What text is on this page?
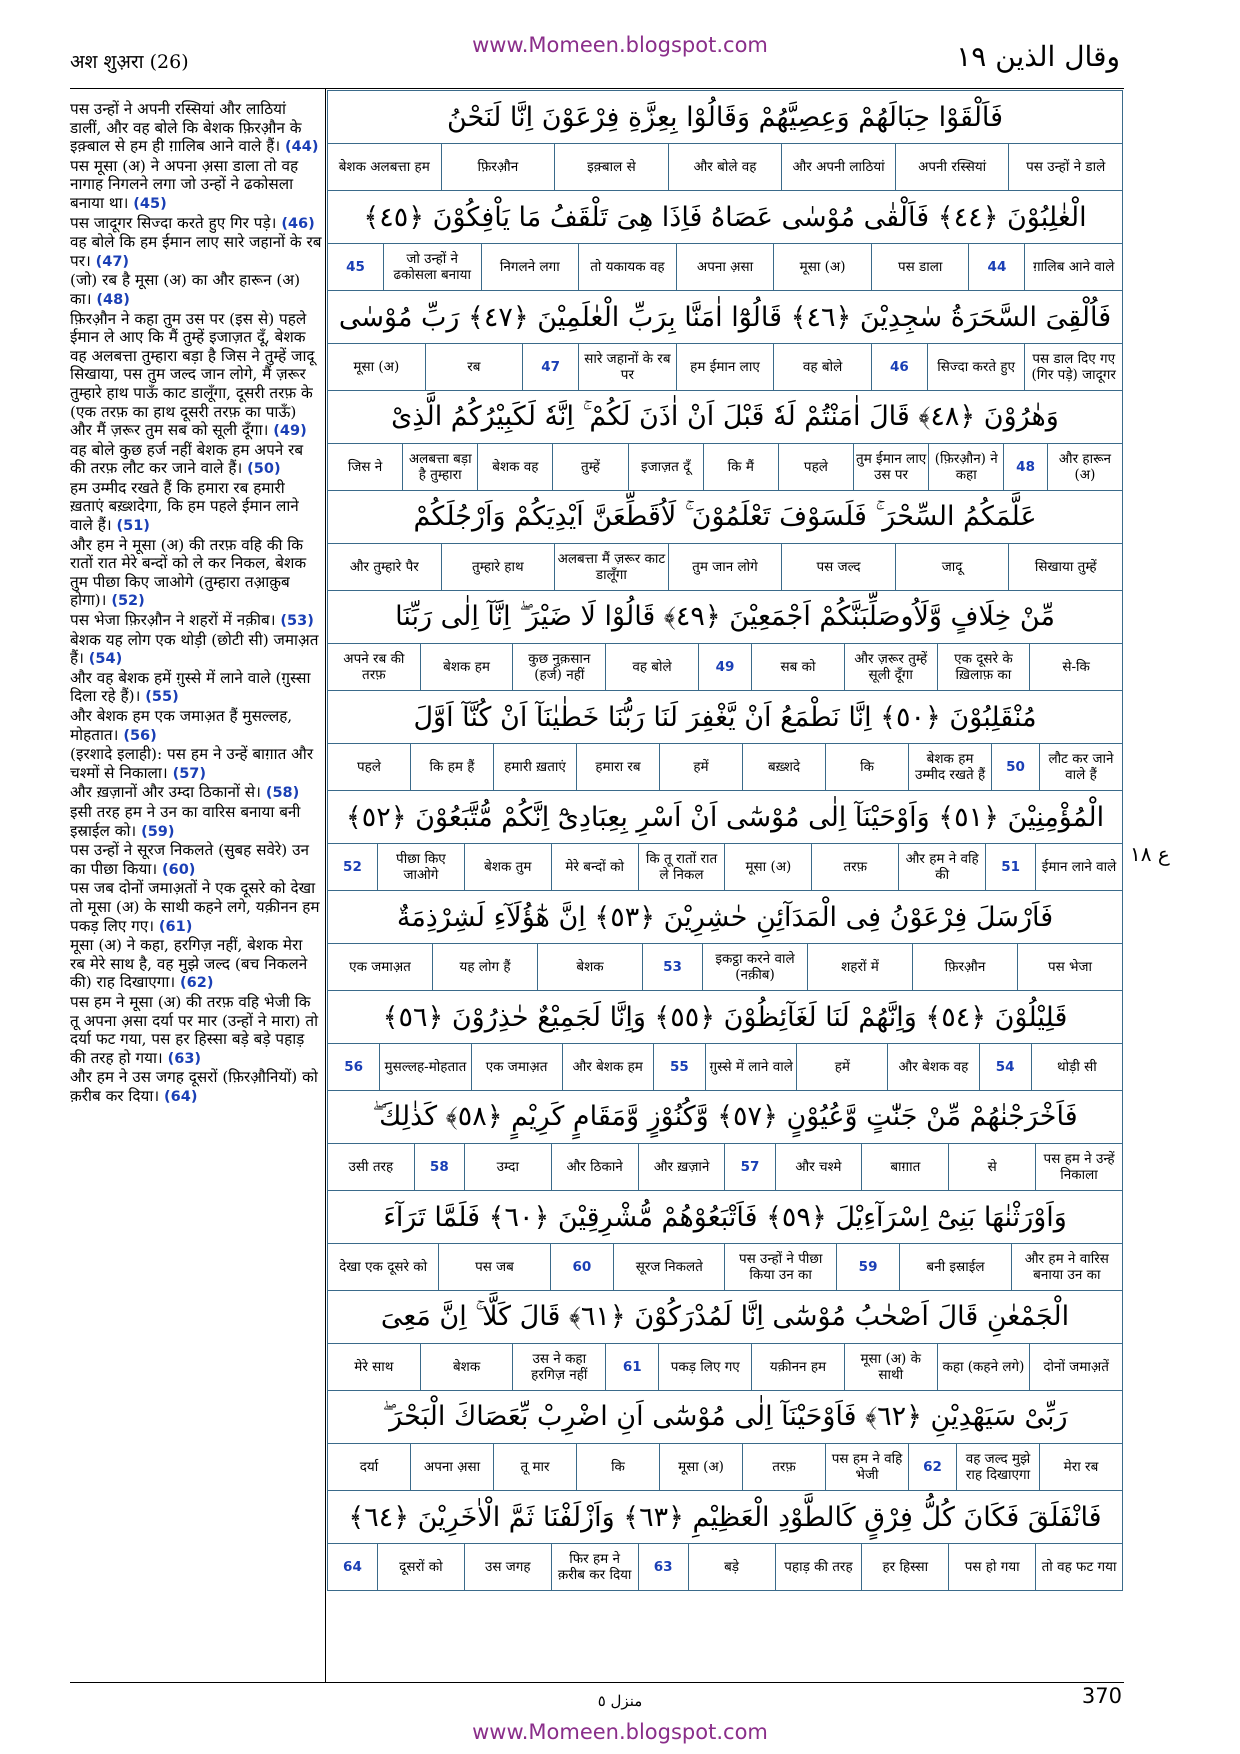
अश शुअ़रा (26)
www.Momeen.blogspot.com	وقال الذين ١٩

पस उन्हों ने अपनी रस्सियां और लाठियां डालीं, और वह बोले कि बेशक फ़िरऔ़न के इक़्बाल से हम ही ग़ालिब आने वाले हैं। (44)

पस मूसा (अ) ने अपना अ़सा डाला तो वह नागाह निगलने लगा जो उन्हों ने ढकोसला बनाया था। (45)

पस जादूगर सिज्दा करते हुए गिर पड़े। (46)

वह बोले कि हम ईमान लाए सारे जहानों के रब पर। (47)

(जो) रब है मूसा (अ) का और हारून (अ) का। (48)

फ़िरऔ़न ने कहा तुम उस पर (इस से) पहले ईमान ले आए कि मैं तुम्हें इजाज़त दूँ, बेशक वह अलबत्ता तुम्हारा बड़ा है जिस ने तुम्हें जादू सिखाया, पस तुम जल्द जान लोगे, मैं ज़रूर तुम्हारे हाथ पाऊँ काट डालूँगा, दूसरी तरफ़ के (एक तरफ़ का हाथ दूसरी तरफ़ का पाऊँ) और मैं ज़रूर तुम सब को सूली दूँगा। (49)

वह बोले कुछ हर्ज नहीं बेशक हम अपने रब की तरफ़ लौट कर जाने वाले हैं। (50)

हम उम्मीद रखते हैं कि हमारा रब हमारी ख़ताएं बख़्शदेगा, कि हम पहले ईमान लाने वाले हैं। (51)

और हम ने मूसा (अ) की तरफ़ वहि की कि रातों रात मेरे बन्दों को ले कर निकल, बेशक तुम पीछा किए जाओगे (तुम्हारा तआ़क़ुब होगा)। (52)

पस भेजा फ़िरऔ़न ने शहरों में नक़ीब। (53)

बेशक यह लोग एक थोड़ी (छोटी सी) जमाअ़त हैं। (54)

और वह बेशक हमें ग़ुस्से में लाने वाले (ग़ुस्सा दिला रहे हैं)। (55)

और बेशक हम एक जमाअ़त हैं मुसल्लह, मोहतात। (56)

(इरशादे इलाही): पस हम ने उन्हें बाग़ात और चश्मों से निकाला। (57)

और ख़ज़ानों और उम्दा ठिकानों से। (58)

इसी तरह हम ने उन का वारिस बनाया बनी इस्राईल को। (59)

पस उन्हों ने सूरज निकलते (सुबह सवेरे) उन का पीछा किया। (60)

पस जब दोनों जमाअ़तों ने एक दूसरे को देखा तो मूसा (अ) के साथी कहने लगे, यक़ीनन हम पकड़ लिए गए। (61)

मूसा (अ) ने कहा, हरगिज़ नहीं, बेशक मेरा रब मेरे साथ है, वह मुझे जल्द (बच निकलने की) राह दिखाएगा। (62)

पस हम ने मूसा (अ) की तरफ़ वहि भेजी कि तू अपना अ़सा दर्या पर मार (उन्हों ने मारा) तो दर्या फट गया, पस हर हिस्सा बड़े बड़े पहाड़ की तरह हो गया। (63)

और हम ने उस जगह दूसरों (फ़िरऔ़नियों) को क़रीब कर दिया। (64)

فَاَلْقَوْا حِبَالَهُمْ وَعِصِيَّهُمْ وَقَالُوْا بِعِزَّةِ فِرْعَوْنَ اِنَّا لَنَحْنُ
पस उन्हों ने डाले
अपनी रस्सियां
और अपनी लाठियां
और बोले वह
इक़्बाल से
फ़िरऔ़न
बेशक अलबत्ता हम
الْغٰلِبُوْنَ ﴿٤٤﴾ فَاَلْقٰى مُوْسٰى عَصَاهُ فَاِذَا هِىَ تَلْقَفُ مَا يَاْفِكُوْنَ ﴿٤٥﴾
ग़ालिब आने वाले
44
पस डाला
मूसा (अ)
अपना अ़सा
तो यकायक वह
निगलने लगा
जो उन्हों ने ढकोसला बनाया
45
فَاُلْقِىَ السَّحَرَةُ سٰجِدِيْنَ ﴿٤٦﴾ قَالُوْٓا اٰمَنَّا بِرَبِّ الْعٰلَمِيْنَ ﴿٤٧﴾ رَبِّ مُوْسٰى
पस डाल दिए गए (गिर पड़े) जादूगर
सिज्दा करते हुए
46
वह बोले
हम ईमान लाए
सारे जहानों के रब पर
47
रब
मूसा (अ)
وَهٰرُوْنَ ﴿٤٨﴾ قَالَ اٰمَنْتُمْ لَهٗ قَبْلَ اَنْ اٰذَنَ لَكُمْ ۚ اِنَّهٗ لَكَبِيْرُكُمُ الَّذِىْ
और हारून (अ)
48
(फ़िरऔ़न) ने कहा
तुम ईमान लाए उस पर
पहले
कि मैं
इजाज़त दूँ
तुम्हें
बेशक वह
अलबत्ता बड़ा है तुम्हारा
जिस ने
عَلَّمَكُمُ السِّحْرَ ۚ فَلَسَوْفَ تَعْلَمُوْنَ ۚ لَاُقَطِّعَنَّ اَيْدِيَكُمْ وَاَرْجُلَكُمْ
सिखाया तुम्हें
जादू
पस जल्द
तुम जान लोगे
अलबत्ता मैं ज़रूर काट डालूँगा
तुम्हारे हाथ
और तुम्हारे पैर
مِّنْ خِلَافٍ وَّلَاُوصَلِّبَنَّكُمْ اَجْمَعِيْنَ ﴿٤٩﴾ قَالُوْا لَا ضَيْرَ ۖ اِنَّآ اِلٰى رَبِّنَا
से-कि
एक दूसरे के ख़िलाफ़ का
और ज़रूर तुम्हें सूली दूँगा
सब को
49
वह बोले
कुछ नुक़सान (हर्ज) नहीं
बेशक हम
अपने रब की तरफ़
مُنْقَلِبُوْنَ ﴿٥٠﴾ اِنَّا نَطْمَعُ اَنْ يَّغْفِرَ لَنَا رَبُّنَا خَطٰيٰنَآ اَنْ كُنَّآ اَوَّلَ
लौट कर जाने वाले हैं
50
बेशक हम उम्मीद रखते हैं
कि
बख़्शदे
हमें
हमारा रब
हमारी ख़ताएं
कि हम हैं
पहले
الْمُؤْمِنِيْنَ ﴿٥١﴾ وَاَوْحَيْنَآ اِلٰى مُوْسٰٓى اَنْ اَسْرِ بِعِبَادِىْٓ اِنَّكُمْ مُّتَّبَعُوْنَ ﴿٥٢﴾
ईमान लाने वाले
51
और हम ने वहि की
तरफ़
मूसा (अ)
कि तू रातों रात ले निकल
मेरे बन्दों को
बेशक तुम
पीछा किए जाओगे
52
فَاَرْسَلَ فِرْعَوْنُ فِى الْمَدَآئِنِ حٰشِرِيْنَ ﴿٥٣﴾ اِنَّ هٰٓؤُلَآءِ لَشِرْذِمَةٌ
पस भेजा
फ़िरऔ़न
शहरों में
इकट्ठा करने वाले (नक़ीब)
53
बेशक
यह लोग हैं
एक जमाअ़त
قَلِيْلُوْنَ ﴿٥٤﴾ وَاِنَّهُمْ لَنَا لَغَآئِظُوْنَ ﴿٥٥﴾ وَاِنَّا لَجَمِيْعٌ حٰذِرُوْنَ ﴿٥٦﴾
थोड़ी सी
54
और बेशक वह
हमें
ग़ुस्से में लाने वाले
55
और बेशक हम
एक जमाअ़त
मुसल्लह-मोहतात
56
فَاَخْرَجْنٰهُمْ مِّنْ جَنّٰتٍ وَّعُيُوْنٍ ﴿٥٧﴾ وَّكُنُوْزٍ وَّمَقَامٍ كَرِيْمٍ ﴿٥٨﴾ كَذٰلِكَ ۖ
पस हम ने उन्हें निकाला
से
बाग़ात
और चश्मे
57
और ख़ज़ाने
और ठिकाने
उम्दा
58
उसी तरह
وَاَوْرَثْنٰهَا بَنِىْٓ اِسْرَآءِيْلَ ﴿٥٩﴾ فَاَتْبَعُوْهُمْ مُّشْرِقِيْنَ ﴿٦٠﴾ فَلَمَّا تَرَآءَ
और हम ने वारिस बनाया उन का
बनी इस्राईल
59
पस उन्हों ने पीछा किया उन का
सूरज निकलते
60
पस जब
देखा एक दूसरे को
الْجَمْعٰنِ قَالَ اَصْحٰبُ مُوْسٰٓى اِنَّا لَمُدْرَكُوْنَ ﴿٦١﴾ قَالَ كَلَّا ۚ اِنَّ مَعِىَ
दोनों जमाअ़तें
कहा (कहने लगे)
मूसा (अ) के साथी
यक़ीनन हम
पकड़ लिए गए
61
उस ने कहा हरगिज़ नहीं
बेशक
मेरे साथ
رَبِّىْ سَيَهْدِيْنِ ﴿٦٢﴾ فَاَوْحَيْنَآ اِلٰى مُوْسٰٓى اَنِ اضْرِبْ بِّعَصَاكَ الْبَحْرَ ۖ
मेरा रब
वह जल्द मुझे राह दिखाएगा
62
पस हम ने वहि भेजी
तरफ़
मूसा (अ)
कि
तू मार
अपना अ़सा
दर्या
فَانْفَلَقَ فَكَانَ كُلُّ فِرْقٍ كَالطَّوْدِ الْعَظِيْمِ ﴿٦٣﴾ وَاَزْلَفْنَا ثَمَّ الْاٰخَرِيْنَ ﴿٦٤﴾
तो वह फट गया
पस हो गया
हर हिस्सा
पहाड़ की तरह
बड़े
63
फिर हम ने क़रीब कर दिया
उस जगह
दूसरों को
64
ع ١٨
منزل ٥	370
www.Momeen.blogspot.com
